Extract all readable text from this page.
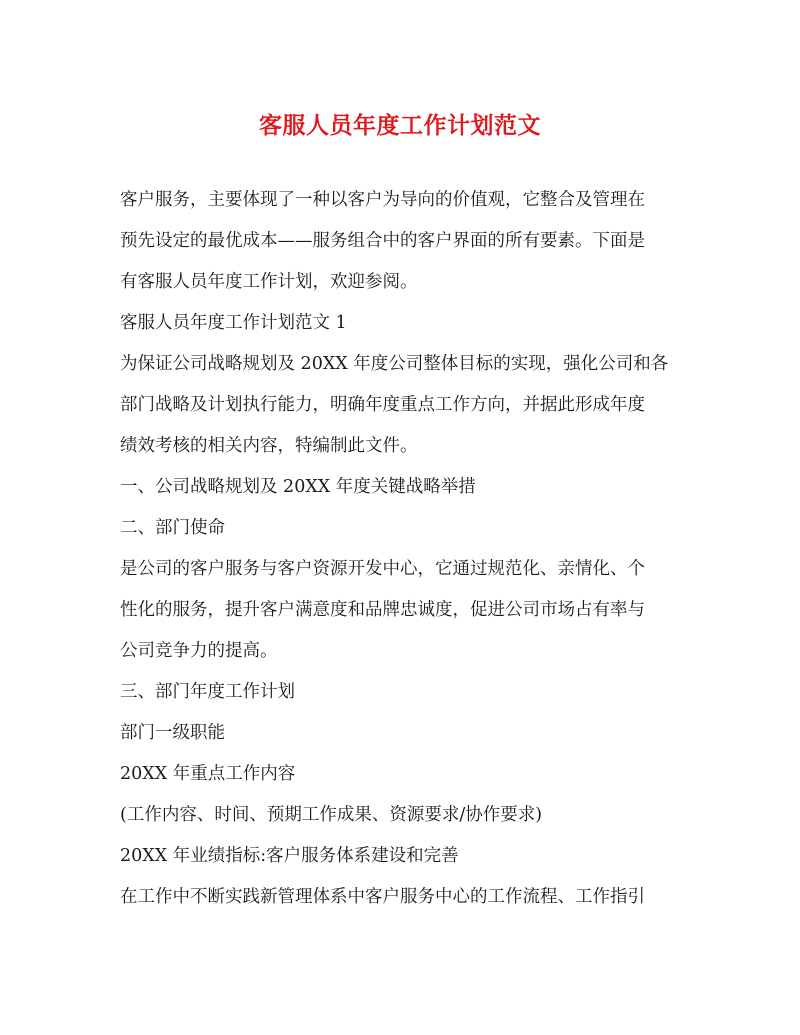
客服人员年度工作计划范文

客户服务，主要体现了一种以客户为导向的价值观，它整合及管理在

预先设定的最优成本——服务组合中的客户界面的所有要素。下面是

有客服人员年度工作计划，欢迎参阅。

客服人员年度工作计划范文 1

为保证公司战略规划及 20XX 年度公司整体目标的实现，强化公司和各

部门战略及计划执行能力，明确年度重点工作方向，并据此形成年度

绩效考核的相关内容，特编制此文件。

一、公司战略规划及 20XX 年度关键战略举措

二、部门使命

是公司的客户服务与客户资源开发中心，它通过规范化、亲情化、个

性化的服务，提升客户满意度和品牌忠诚度，促进公司市场占有率与

公司竞争力的提高。

三、部门年度工作计划

部门一级职能

20XX 年重点工作内容

(工作内容、时间、预期工作成果、资源要求/协作要求)

20XX 年业绩指标:客户服务体系建设和完善

在工作中不断实践新管理体系中客户服务中心的工作流程、工作指引
